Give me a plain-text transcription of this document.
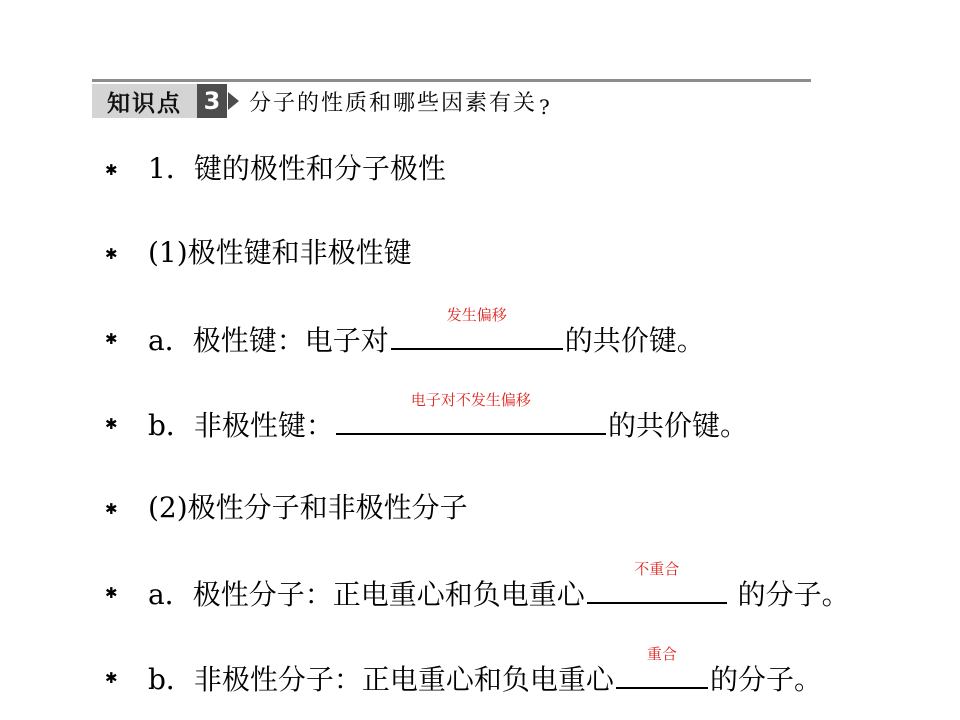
知识点 3	分子的性质和哪些因素有关 ?
✱ 1．键的极性和分子极性
✱ (1)极性键和非极性键
✱ a．极性键：电子对
发生偏移
的共价键。
✱ b．非极性键：
电子对不发生偏移
的共价键。
✱ (2)极性分子和非极性分子
✱ a．极性分子：正电重心和负电重心
不重合
的分子。
✱ b．非极性分子：正电重心和负电重心
重合
的分子。
